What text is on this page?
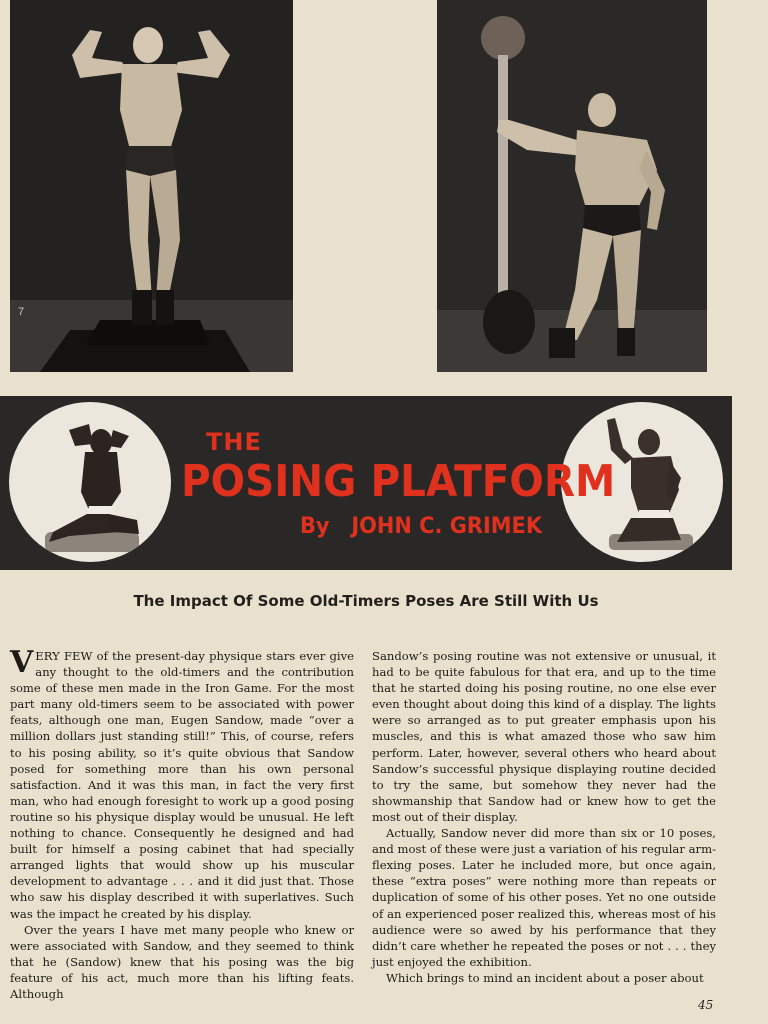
7
THE
POSING PLATFORM
By   JOHN C. GRIMEK
The Impact Of Some Old-Timers Poses Are Still With Us

VERY FEW of the present-day physique stars ever give any thought to the old-timers and the contribution some of these men made in the Iron Game. For the most part many old-timers seem to be associated with power feats, although one man, Eugen Sandow, made “over a million dollars just standing still!” This, of course, refers to his posing ability, so it’s quite obvious that Sandow posed for something more than his own personal satisfaction. And it was this man, in fact the very first man, who had enough foresight to work up a good posing routine so his physique display would be unusual. He left nothing to chance. Consequently he designed and had built for himself a posing cabinet that had specially arranged lights that would show up his muscular development to advantage . . . and it did just that. Those who saw his display described it with superlatives. Such was the impact he created by his display.

Over the years I have met many people who knew or were associated with Sandow, and they seemed to think that he (Sandow) knew that his posing was the big feature of his act, much more than his lifting feats. Although

Sandow’s posing routine was not extensive or unusual, it had to be quite fabulous for that era, and up to the time that he started doing his posing routine, no one else ever even thought about doing this kind of a display. The lights were so arranged as to put greater emphasis upon his muscles, and this is what amazed those who saw him perform. Later, however, several others who heard about Sandow’s successful physique displaying routine decided to try the same, but somehow they never had the showmanship that Sandow had or knew how to get the most out of their display.

Actually, Sandow never did more than six or 10 poses, and most of these were just a variation of his regular arm-flexing poses. Later he included more, but once again, these “extra poses” were nothing more than repeats or duplication of some of his other poses. Yet no one outside of an experienced poser realized this, whereas most of his audience were so awed by his performance that they didn’t care whether he repeated the poses or not . . . they just enjoyed the exhibition.

Which brings to mind an incident about a poser about

45
